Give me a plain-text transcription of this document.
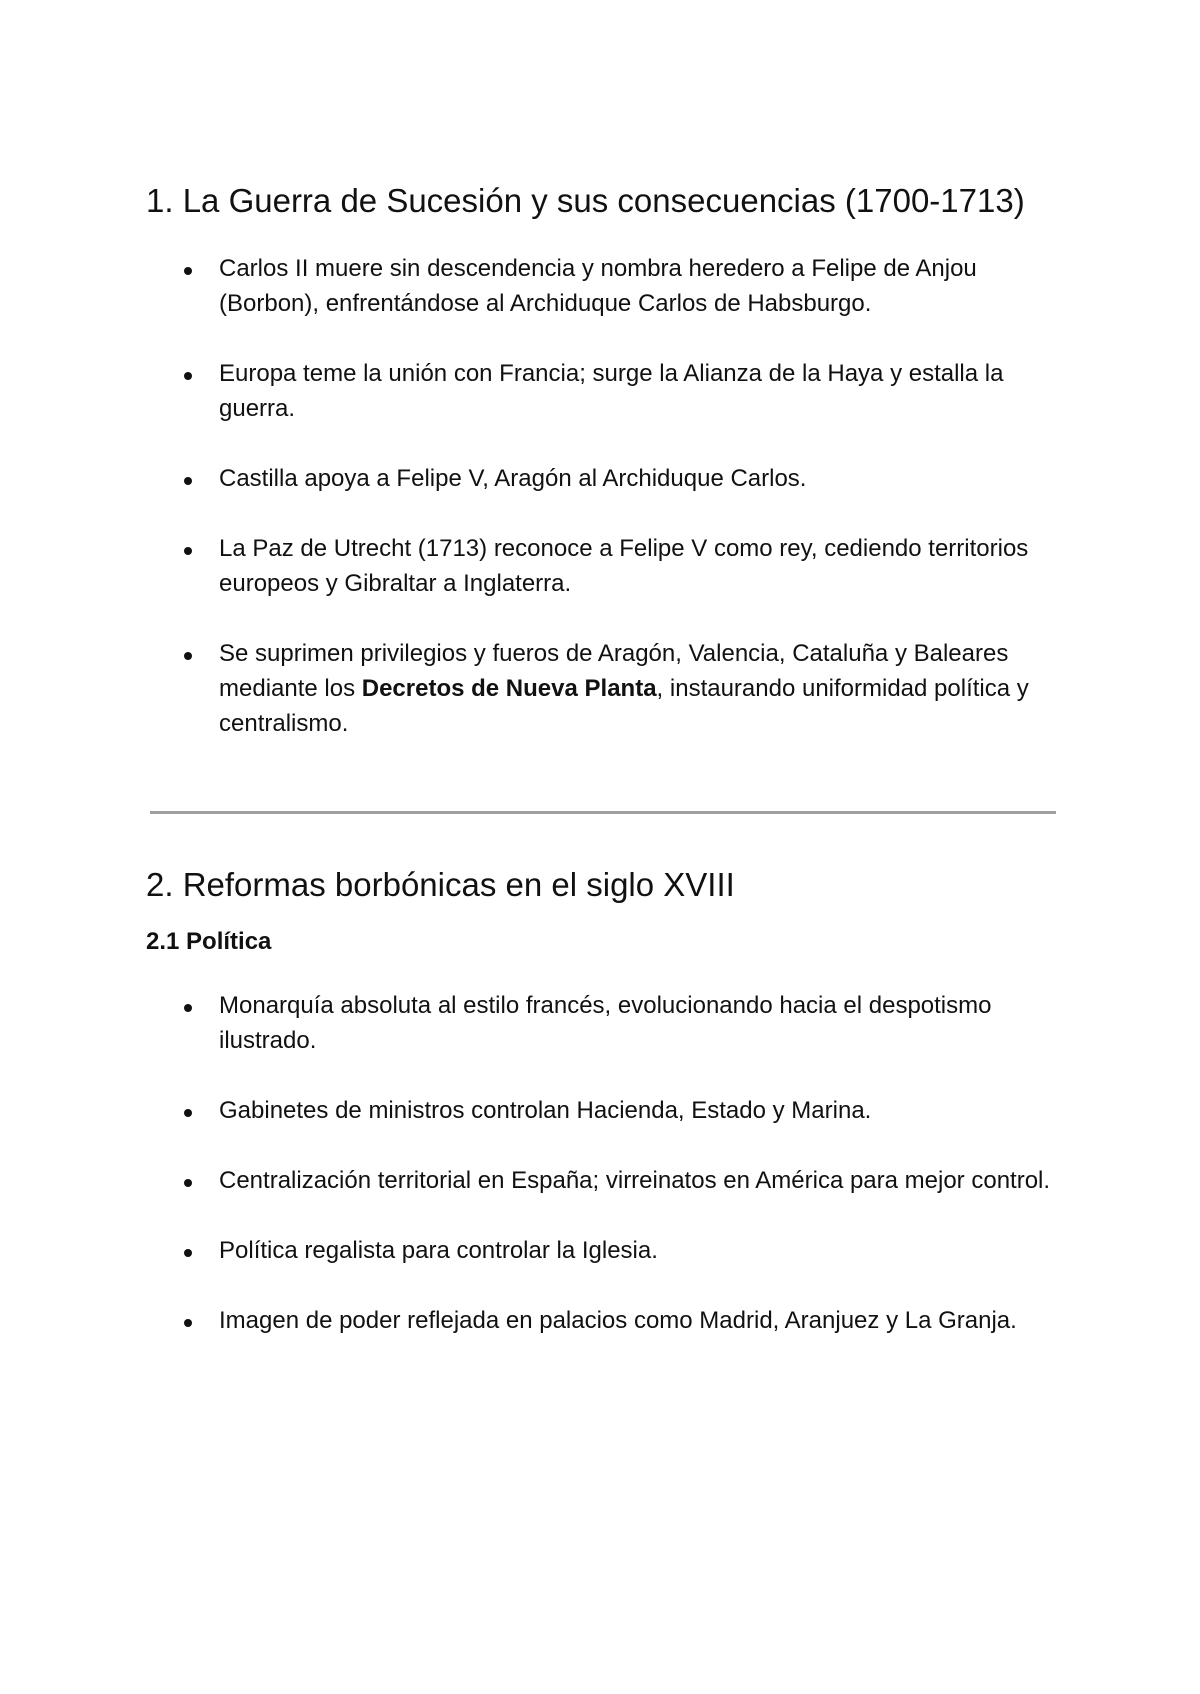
1. La Guerra de Sucesión y sus consecuencias (1700-1713)
Carlos II muere sin descendencia y nombra heredero a Felipe de Anjou (Borbon), enfrentándose al Archiduque Carlos de Habsburgo.
Europa teme la unión con Francia; surge la Alianza de la Haya y estalla la guerra.
Castilla apoya a Felipe V, Aragón al Archiduque Carlos.
La Paz de Utrecht (1713) reconoce a Felipe V como rey, cediendo territorios europeos y Gibraltar a Inglaterra.
Se suprimen privilegios y fueros de Aragón, Valencia, Cataluña y Baleares mediante los Decretos de Nueva Planta, instaurando uniformidad política y centralismo.
2. Reformas borbónicas en el siglo XVIII
2.1 Política
Monarquía absoluta al estilo francés, evolucionando hacia el despotismo ilustrado.
Gabinetes de ministros controlan Hacienda, Estado y Marina.
Centralización territorial en España; virreinatos en América para mejor control.
Política regalista para controlar la Iglesia.
Imagen de poder reflejada en palacios como Madrid, Aranjuez y La Granja.
